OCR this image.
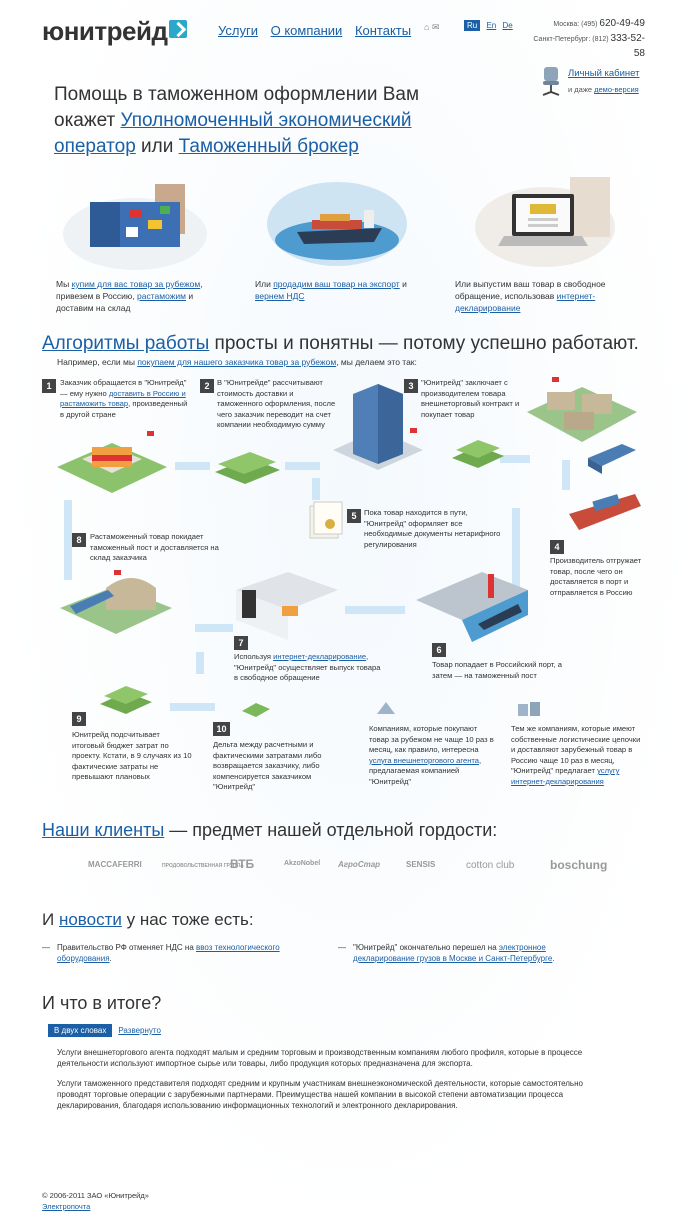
юнитрейд	Услуги О компании Контакты	⌂ ✉	Ru En De	Москва: (495) 620-49-49
Санкт-Петербург: (812) 333-52-58
Личный кабинет
и даже демо-версия
Помощь в таможенном оформлении Вам
окажет Уполномоченный экономический оператор или Таможенный брокер
Мы купим для вас товар за рубежом, привезем в Россию, растаможим и доставим на склад
Или продадим ваш товар на экспорт и вернем НДС
Или выпустим ваш товар в свободное обращение, использовав интернет-декларирование
Алгоритмы работы просты и понятны — потому успешно работают.
Например, если мы покупаем для нашего заказчика товар за рубежом, мы делаем это так:
1	Заказчик обращается в "Юнитрейд" — ему нужно доставить в Россию и растаможить товар, произведенный в другой стране
2 В "Юнитрейде" рассчитывают стоимость доставки и таможенного оформления, после чего заказчик переводит на счет компании необходимую сумму
3 "Юнитрейд" заключает с производителем товара внешнеторговый контракт и покупает товар
4
Производитель отгружает товар, после чего он доставляется в порт и отправляется в Россию
5 Пока товар находится в пути, "Юнитрейд" оформляет все необходимые документы нетарифного регулирования
6
Товар попадает в Российский порт, а затем — на таможенный пост
7
Используя интернет-декларирование, "Юнитрейд" осуществляет выпуск товара в свободное обращение
8	Растаможенный товар покидает таможенный пост и доставляется на склад заказчика
9
Юнитрейд подсчитывает итоговый бюджет затрат по проекту. Кстати, в 9 случаях из 10 фактические затраты не превышают плановых
10
Дельта между расчетными и фактическими затратами либо возвращается заказчику, либо компенсируется заказчиком "Юнитрейд"
Компаниям, которые покупают товар за рубежом не чаще 10 раз в месяц, как правило, интересна услуга внешнеторгового агента, предлагаемая компанией "Юнитрейд"
Тем же компаниям, которые имеют собственные логистические цепочки и доставляют зарубежный товар в Россию чаще 10 раз в месяц, "Юнитрейд" предлагает услугу интернет-декларирования
Наши клиенты — предмет нашей отдельной гордости:
MACCAFERRI	ПРОДОВОЛЬСТВЕННАЯ ГРУППА
ВТБ	AkzoNobel АгроСтар	SENSIS	cotton club	boschung
И новости у нас тоже есть:
— Правительство РФ отменяет НДС на ввоз технологического оборудования.
— "Юнитрейд" окончательно перешел на электронное декларирование грузов в Москве и Санкт-Петербурге.
И что в итоге?
В двух словах Развернуто

Услуги внешнеторгового агента подходят малым и средним торговым и производственным компаниям любого профиля, которые в процессе деятельности используют импортное сырье или товары, либо продукция которых предназначена для экспорта.

Услуги таможенного представителя подходят средним и крупным участникам внешнеэкономической деятельности, которые самостоятельно проводят торговые операции с зарубежными партнерами. Преимущества нашей компании в высокой степени автоматизации процесса декларирования, благодаря использованию информационных технологий и электронного декларирования.

© 2006-2011 ЗАО «Юнитрейд»
Электропочта
